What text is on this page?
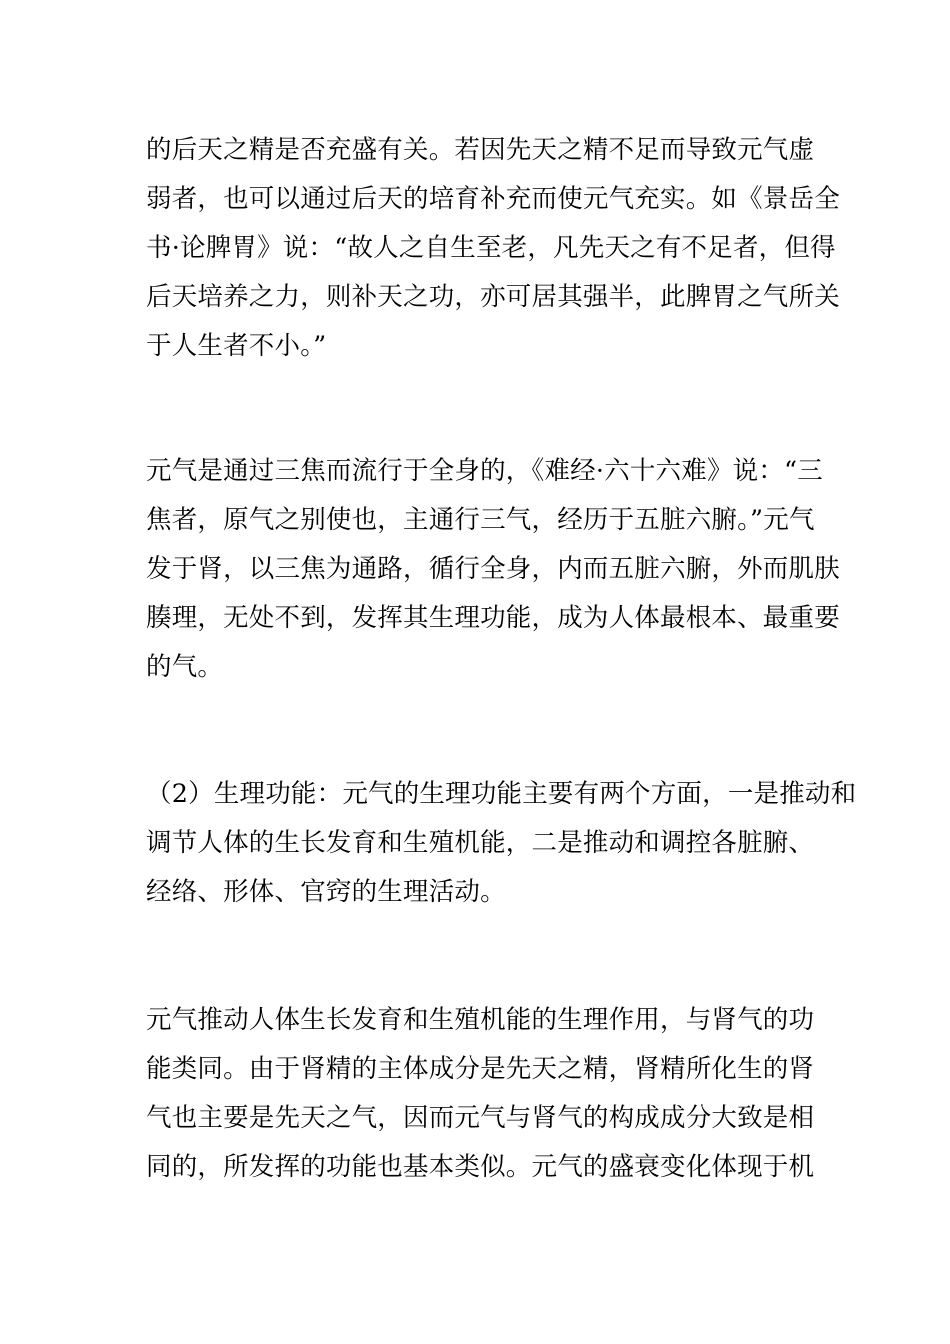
的后天之精是否充盛有关。若因先天之精不足而导致元气虚
弱者，也可以通过后天的培育补充而使元气充实。如《景岳全
书·论脾胃》说：“故人之自生至老，凡先天之有不足者，但得
后天培养之力，则补天之功，亦可居其强半，此脾胃之气所关
于人生者不小。”
元气是通过三焦而流行于全身的，《难经·六十六难》说：“三
焦者，原气之别使也，主通行三气，经历于五脏六腑。”元气
发于肾，以三焦为通路，循行全身，内而五脏六腑，外而肌肤
腠理，无处不到，发挥其生理功能，成为人体最根本、最重要
的气。
（2）生理功能：元气的生理功能主要有两个方面，一是推动和
调节人体的生长发育和生殖机能，二是推动和调控各脏腑、
经络、形体、官窍的生理活动。
元气推动人体生长发育和生殖机能的生理作用，与肾气的功
能类同。由于肾精的主体成分是先天之精，肾精所化生的肾
气也主要是先天之气，因而元气与肾气的构成成分大致是相
同的，所发挥的功能也基本类似。元气的盛衰变化体现于机
